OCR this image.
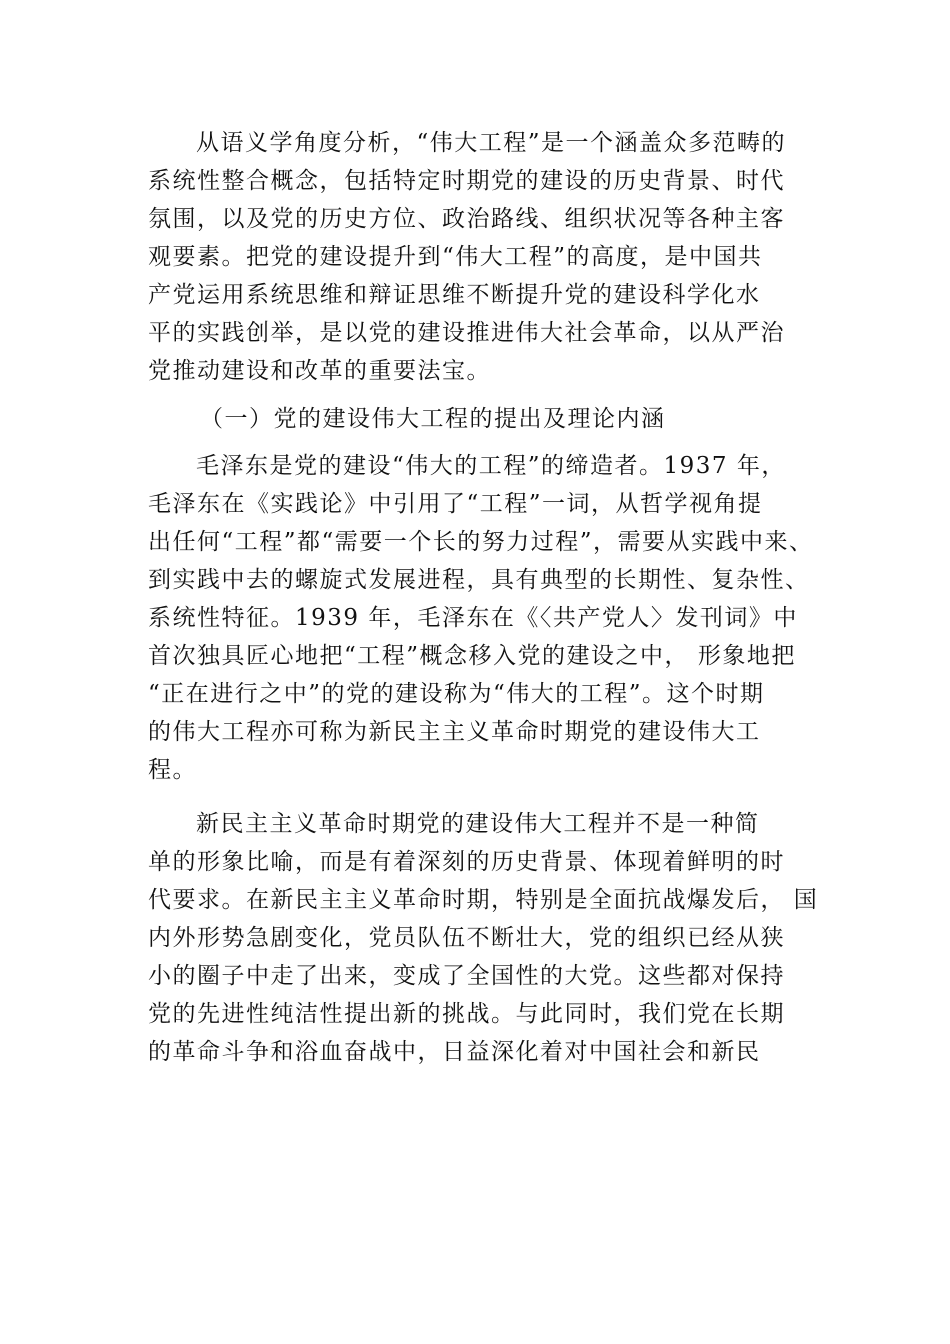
从语义学角度分析，“伟大工程”是一个涵盖众多范畴的
系统性整合概念，包括特定时期党的建设的历史背景、时代
氛围，以及党的历史方位、政治路线、组织状况等各种主客
观要素。把党的建设提升到“伟大工程”的高度，是中国共
产党运用系统思维和辩证思维不断提升党的建设科学化水
平的实践创举，是以党的建设推进伟大社会革命，以从严治
党推动建设和改革的重要法宝。
（一）党的建设伟大工程的提出及理论内涵
毛泽东是党的建设“伟大的工程”的缔造者。1937 年，
毛泽东在《实践论》中引用了“工程”一词，从哲学视角提
出任何“工程”都“需要一个长的努力过程”，需要从实践中来、
到实践中去的螺旋式发展进程，具有典型的长期性、复杂性、
系统性特征。1939 年，毛泽东在《〈共产党人〉发刊词》中
首次独具匠心地把“工程”概念移入党的建设之中， 形象地把
“正在进行之中”的党的建设称为“伟大的工程”。这个时期
的伟大工程亦可称为新民主主义革命时期党的建设伟大工
程。
新民主主义革命时期党的建设伟大工程并不是一种简
单的形象比喻，而是有着深刻的历史背景、体现着鲜明的时
代要求。在新民主主义革命时期，特别是全面抗战爆发后， 国
内外形势急剧变化，党员队伍不断壮大，党的组织已经从狭
小的圈子中走了出来，变成了全国性的大党。这些都对保持
党的先进性纯洁性提出新的挑战。与此同时，我们党在长期
的革命斗争和浴血奋战中，日益深化着对中国社会和新民
